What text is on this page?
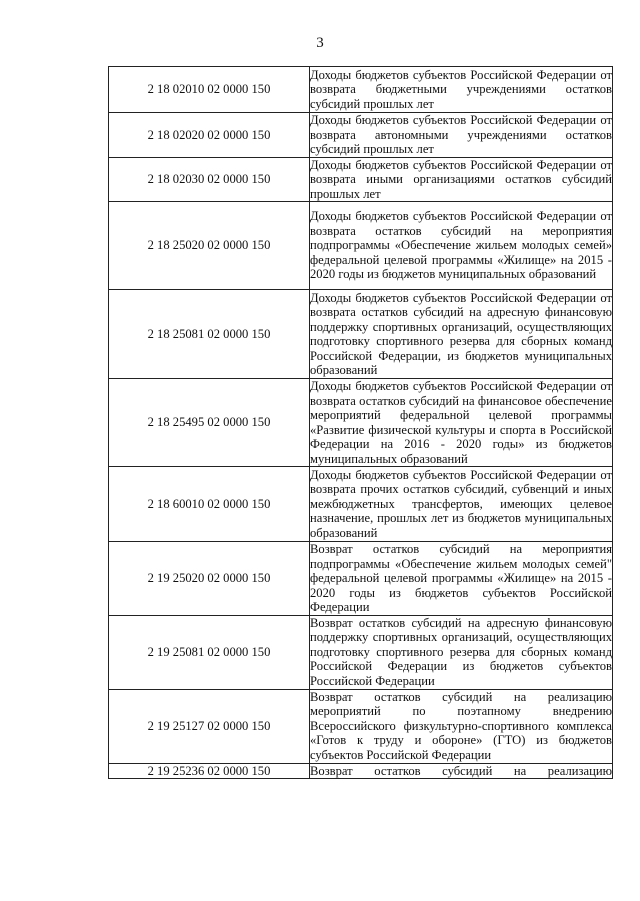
3
2 18 02010 02 0000 150	Доходы бюджетов субъектов Российской Федерации от возврата бюджетными учреждениями остатков субсидий прошлых лет
2 18 02020 02 0000 150	Доходы бюджетов субъектов Российской Федерации от возврата автономными учреждениями остатков субсидий прошлых лет
2 18 02030 02 0000 150	Доходы бюджетов субъектов Российской Федерации от возврата иными организациями остатков субсидий прошлых лет
2 18 25020 02 0000 150	Доходы бюджетов субъектов Российской Федерации от возврата остатков субсидий на мероприятия подпрограммы «Обеспечение жильем молодых семей» федеральной целевой программы «Жилище» на 2015 - 2020 годы из бюджетов муниципальных образований
2 18 25081 02 0000 150	Доходы бюджетов субъектов Российской Федерации от возврата остатков субсидий на адресную финансовую поддержку спортивных организаций, осуществляющих подготовку спортивного резерва для сборных команд Российской Федерации, из бюджетов муниципальных образований
2 18 25495 02 0000 150	Доходы бюджетов субъектов Российской Федерации от возврата остатков субсидий на финансовое обеспечение мероприятий федеральной целевой программы «Развитие физической культуры и спорта в Российской Федерации на 2016 - 2020 годы» из бюджетов муниципальных образований
2 18 60010 02 0000 150	Доходы бюджетов субъектов Российской Федерации от возврата прочих остатков субсидий, субвенций и иных межбюджетных трансфертов, имеющих целевое назначение, прошлых лет из бюджетов муниципальных образований
2 19 25020 02 0000 150	Возврат остатков субсидий на мероприятия подпрограммы «Обеспечение жильем молодых семей" федеральной целевой программы «Жилище» на 2015 - 2020 годы из бюджетов субъектов Российской Федерации
2 19 25081 02 0000 150	Возврат остатков субсидий на адресную финансовую поддержку спортивных организаций, осуществляющих подготовку спортивного резерва для сборных команд Российской Федерации из бюджетов субъектов Российской Федерации
2 19 25127 02 0000 150	Возврат остатков субсидий на реализацию мероприятий по поэтапному внедрению Всероссийского физкультурно-спортивного комплекса «Готов к труду и обороне» (ГТО) из бюджетов субъектов Российской Федерации
2 19 25236 02 0000 150	Возврат остатков субсидий на реализацию
